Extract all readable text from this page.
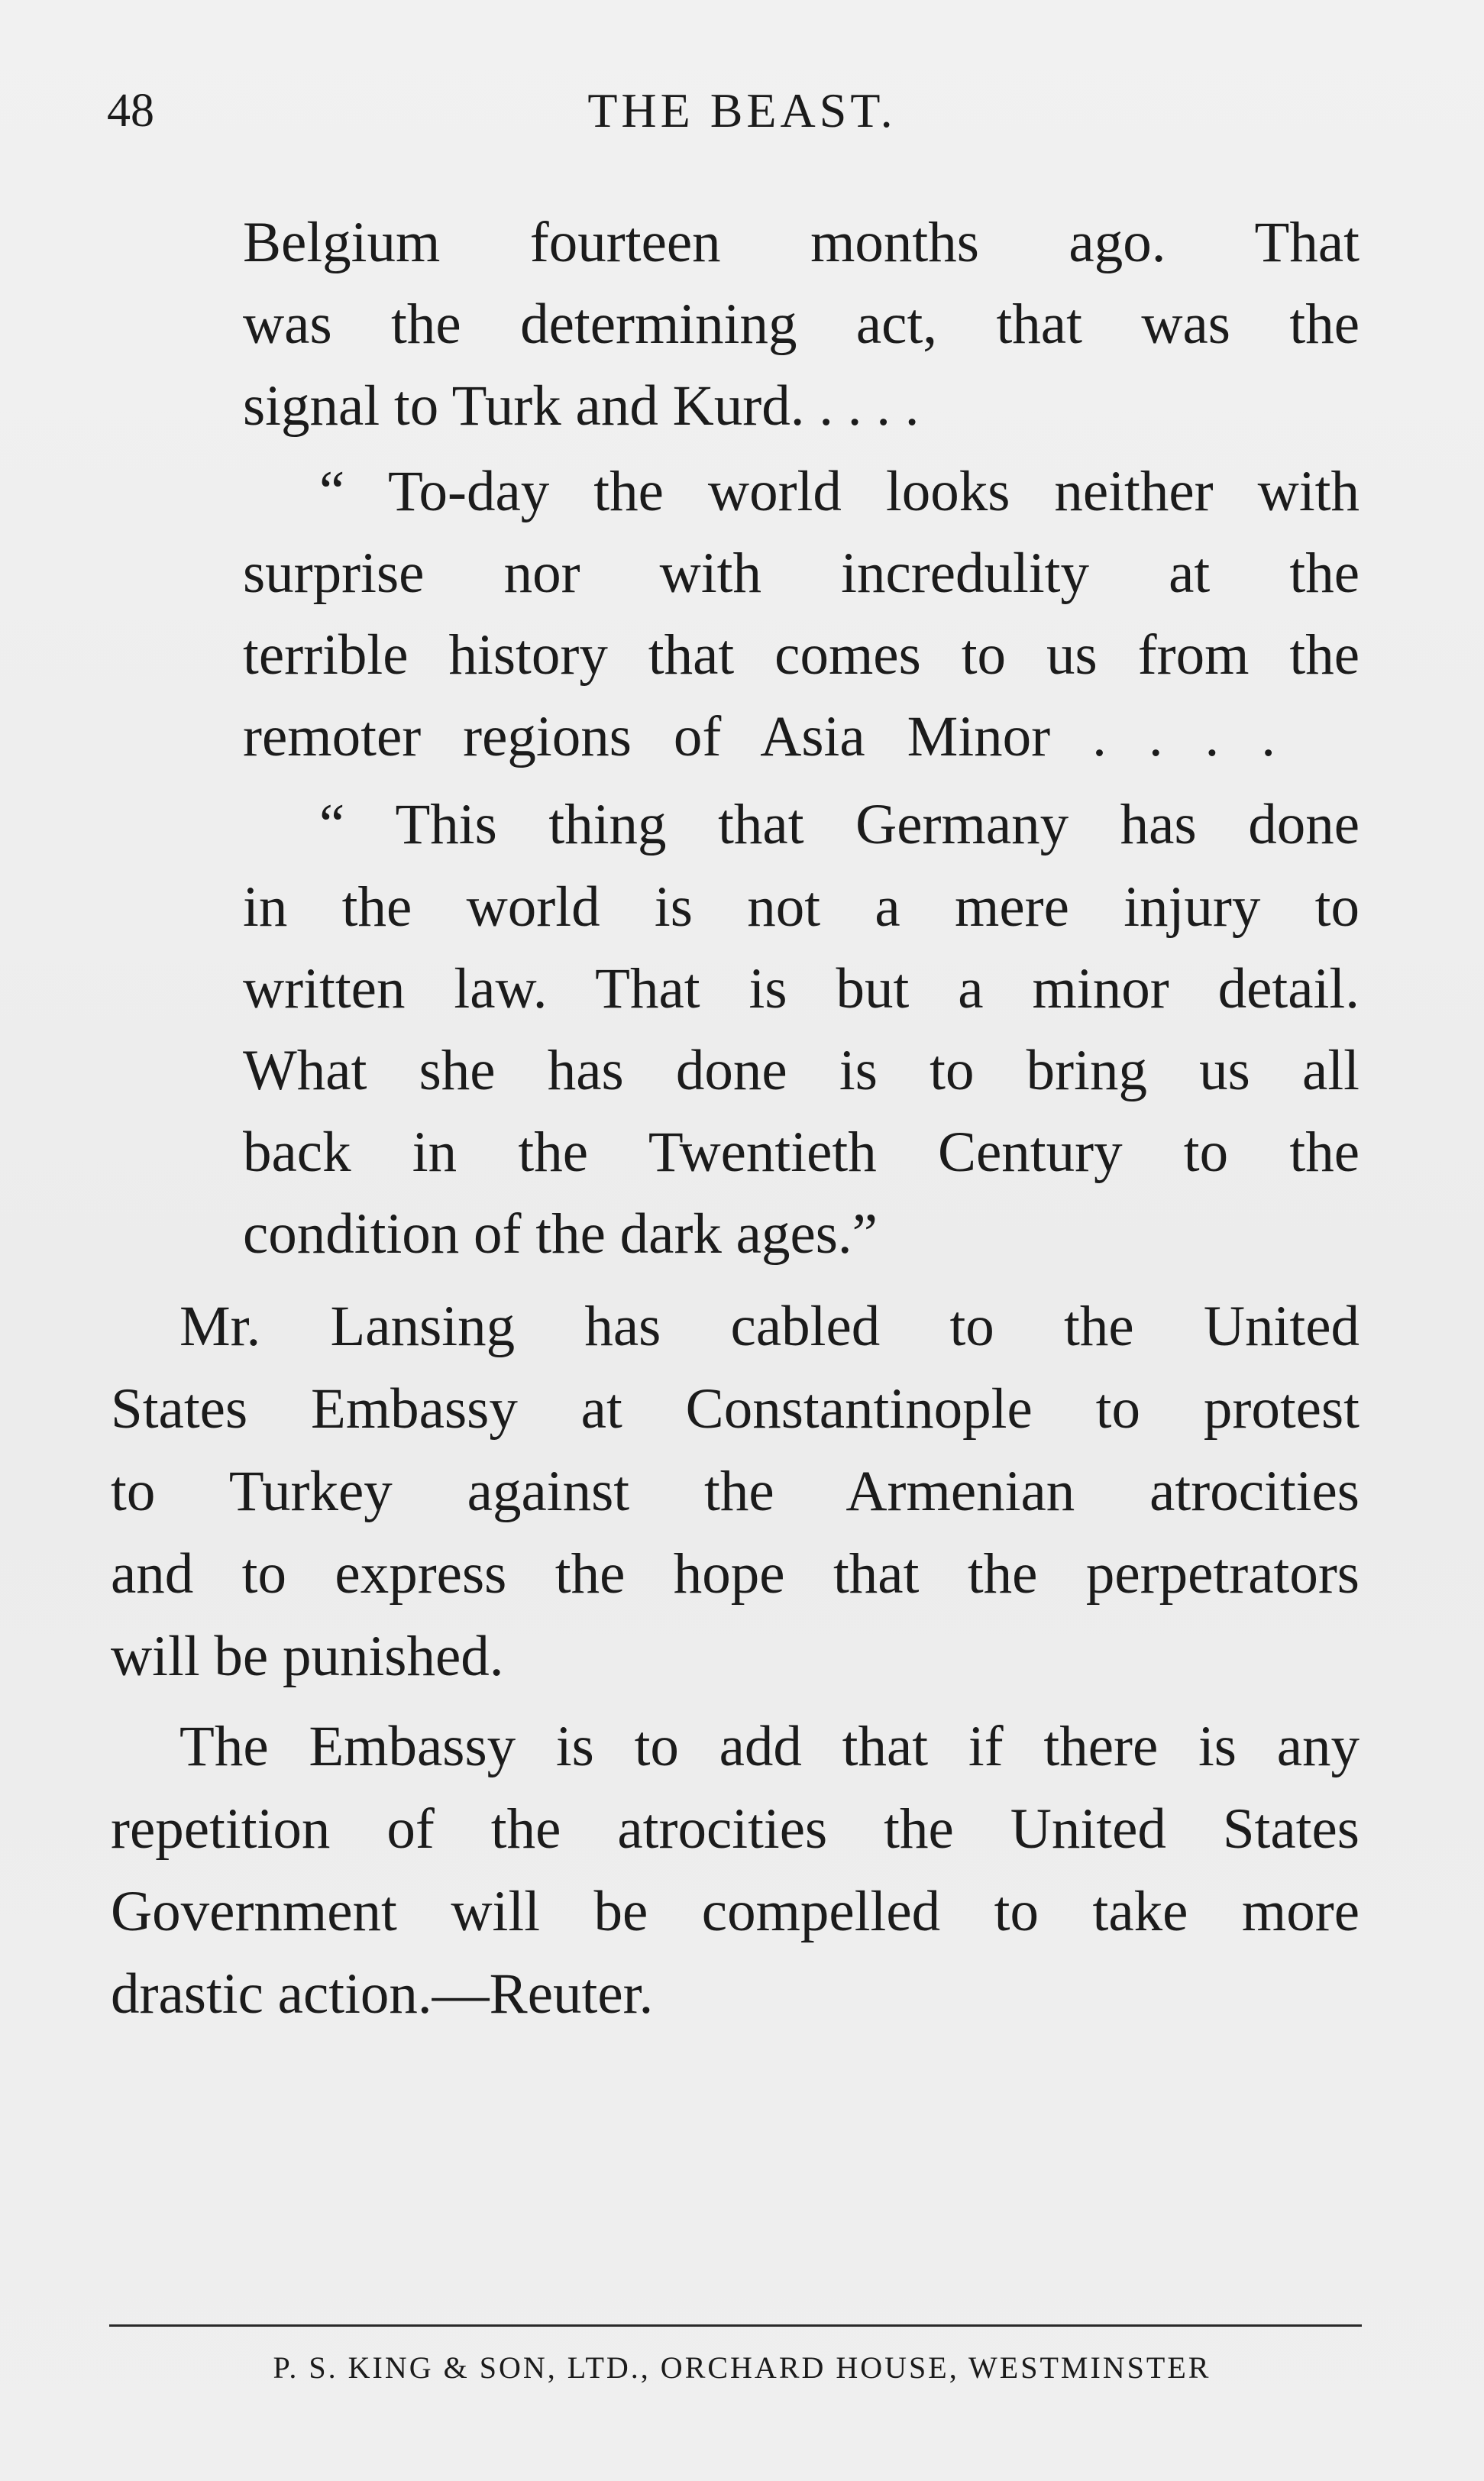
48	THE BEAST.
Belgium fourteen months ago. That
was the determining act, that was the
signal to Turk and Kurd. . . . .
“ To-day the world looks neither with
surprise nor with incredulity at the
terrible history that comes to us from the
remoter regions of Asia Minor . . . .
“ This thing that Germany has done
in the world is not a mere injury to
written law. That is but a minor detail.
What she has done is to bring us all
back in the Twentieth Century to the
condition of the dark ages.”
Mr. Lansing has cabled to the United
States Embassy at Constantinople to protest
to Turkey against the Armenian atrocities
and to express the hope that the perpetrators
will be punished.
The Embassy is to add that if there is any
repetition of the atrocities the United States
Government will be compelled to take more
drastic action.—Reuter.
P. S. KING & SON, LTD., ORCHARD HOUSE, WESTMINSTER
